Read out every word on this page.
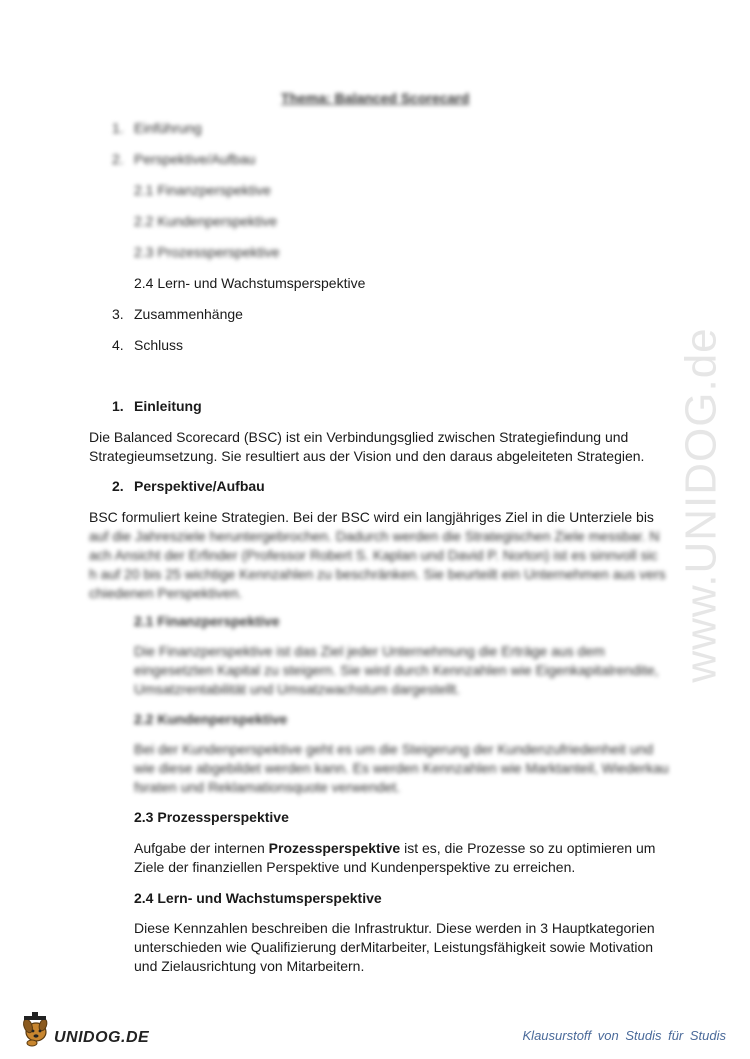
www.UNIDOG.de
Thema: Balanced Scorecard
1. Einführung
2. Perspektive/Aufbau
2.1 Finanzperspektive
2.2 Kundenperspektive
2.3 Prozessperspektive
2.4 Lern- und Wachstumsperspektive
3. Zusammenhänge
4. Schluss
1. Einleitung
Die Balanced Scorecard (BSC) ist ein Verbindungsglied zwischen Strategiefindung und
Strategieumsetzung. Sie resultiert aus der Vision und den daraus abgeleiteten Strategien.
2. Perspektive/Aufbau
BSC formuliert keine Strategien. Bei der BSC wird ein langjähriges Ziel in die Unterziele bis
auf die Jahresziele heruntergebrochen. Dadurch werden die Strategischen Ziele messbar. N
ach Ansicht der Erfinder (Professor Robert S. Kaplan und David P. Norton) ist es sinnvoll sic
h auf 20 bis 25 wichtige Kennzahlen zu beschränken. Sie beurteilt ein Unternehmen aus vers
chiedenen Perspektiven.
2.1 Finanzperspektive
Die Finanzperspektive ist das Ziel jeder Unternehmung die Erträge aus dem
eingesetzten Kapital zu steigern. Sie wird durch Kennzahlen wie Eigenkapitalrendite,
Umsatzrentabilität und Umsatzwachstum dargestellt.
2.2 Kundenperspektive
Bei der Kundenperspektive geht es um die Steigerung der Kundenzufriedenheit und
wie diese abgebildet werden kann. Es werden Kennzahlen wie Marktanteil, Wiederkau
fsraten und Reklamationsquote verwendet.
2.3 Prozessperspektive
Aufgabe der internen Prozessperspektive ist es, die Prozesse so zu optimieren um
Ziele der finanziellen Perspektive und Kundenperspektive zu erreichen.
2.4 Lern- und Wachstumsperspektive
Diese Kennzahlen beschreiben die Infrastruktur. Diese werden in 3 Hauptkategorien
unterschieden wie Qualifizierung derMitarbeiter, Leistungsfähigkeit sowie Motivation
und Zielausrichtung von Mitarbeitern.
UNIDOG.DE	Klausurstoff von Studis für Studis
